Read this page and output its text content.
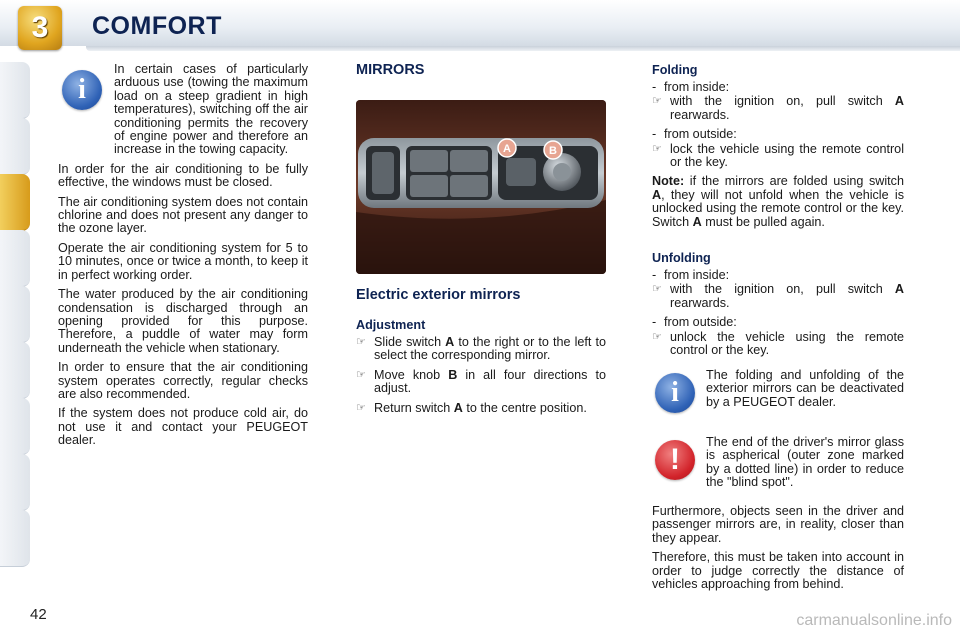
3	COMFORT
i

In certain cases of particularly arduous use (towing the maximum load on a steep gradient in high temperatures), switching off the air conditioning permits the recovery of engine power and therefore an increase in the towing capacity.

In order for the air conditioning to be fully effective, the windows must be closed.

The air conditioning system does not contain chlorine and does not present any danger to the ozone layer.

Operate the air conditioning system for 5 to 10 minutes, once or twice a month, to keep it in perfect working order.

The water produced by the air conditioning condensation is discharged through an opening provided for this purpose. Therefore, a puddle of water may form underneath the vehicle when stationary.

In order to ensure that the air conditioning system operates correctly, regular checks are also recommended.

If the system does not produce cold air, do not use it and contact your PEUGEOT dealer.

MIRRORS
A	B
Electric exterior mirrors
Adjustment
☞ Slide switch A to the right or to the left to select the corresponding mirror.
☞ Move knob B in all four directions to adjust.
☞ Return switch A to the centre position.
Folding
- from inside:
☞ with the ignition on, pull switch A rearwards.
- from outside:
☞ lock the vehicle using the remote control or the key.

Note: if the mirrors are folded using switch A, they will not unfold when the vehicle is unlocked using the remote control or the key. Switch A must be pulled again.

Unfolding
- from inside:
☞ with the ignition on, pull switch A rearwards.
- from outside:
☞ unlock the vehicle using the remote control or the key.
i

The folding and unfolding of the exterior mirrors can be deactivated by a PEUGEOT dealer.

!

The end of the driver's mirror glass is aspherical (outer zone marked by a dotted line) in order to reduce the "blind spot".

Furthermore, objects seen in the driver and passenger mirrors are, in reality, closer than they appear.

Therefore, this must be taken into account in order to judge correctly the distance of vehicles approaching from behind.

42	carmanualsonline.info
